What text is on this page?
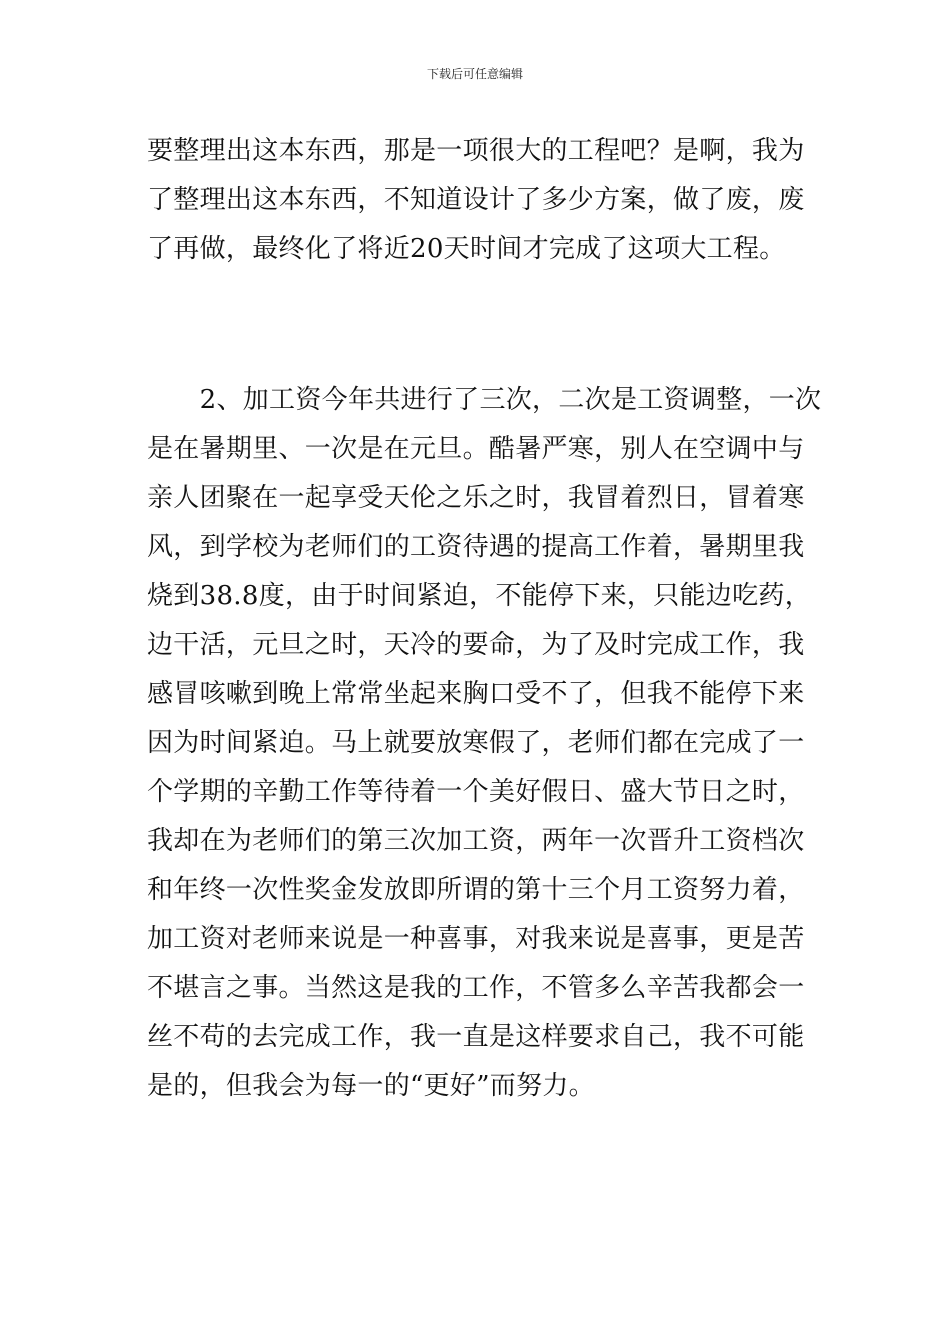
下载后可任意编辑
要整理出这本东西，那是一项很大的工程吧？是啊，我为
了整理出这本东西，不知道设计了多少方案，做了废，废
了再做，最终化了将近20天时间才完成了这项大工程。
　　2、加工资今年共进行了三次，二次是工资调整，一次
是在暑期里、一次是在元旦。酷暑严寒，别人在空调中与
亲人团聚在一起享受天伦之乐之时，我冒着烈日，冒着寒
风，到学校为老师们的工资待遇的提高工作着，暑期里我
烧到38.8度，由于时间紧迫，不能停下来，只能边吃药，
边干活，元旦之时，天冷的要命，为了及时完成工作，我
感冒咳嗽到晚上常常坐起来胸口受不了，但我不能停下来
因为时间紧迫。马上就要放寒假了，老师们都在完成了一
个学期的辛勤工作等待着一个美好假日、盛大节日之时，
我却在为老师们的第三次加工资，两年一次晋升工资档次
和年终一次性奖金发放即所谓的第十三个月工资努力着，
加工资对老师来说是一种喜事，对我来说是喜事，更是苦
不堪言之事。当然这是我的工作，不管多么辛苦我都会一
丝不苟的去完成工作，我一直是这样要求自己，我不可能
是的，但我会为每一的“更好”而努力。
